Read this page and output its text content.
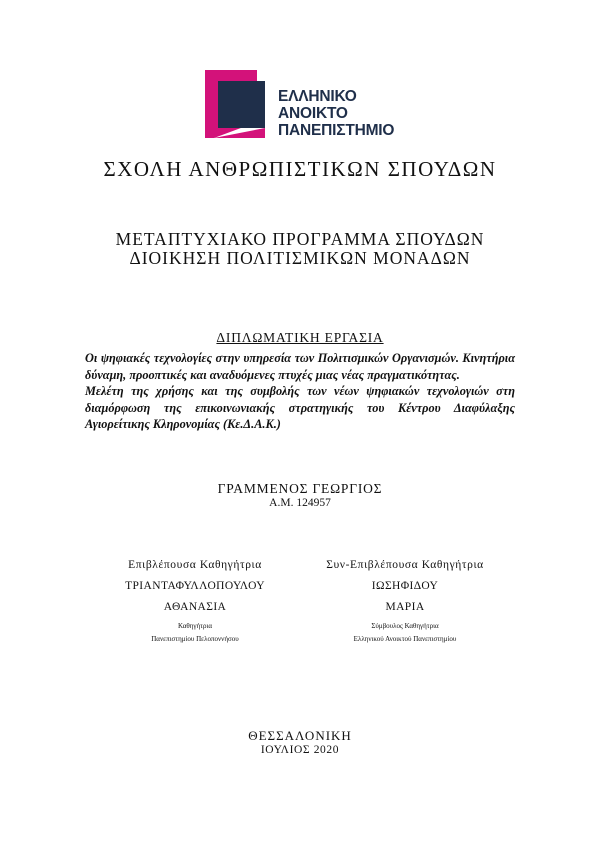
ΕΛΛΗΝΙΚΟ
ΑΝΟΙΚΤΟ
ΠΑΝΕΠΙΣΤΗΜΙΟ
ΣΧΟΛΗ ΑΝΘΡΩΠΙΣΤΙΚΩΝ ΣΠΟΥΔΩΝ
ΜΕΤΑΠΤΥΧΙΑΚΟ ΠΡΟΓΡΑΜΜΑ ΣΠΟΥΔΩΝ
ΔΙΟΙΚΗΣΗ ΠΟΛΙΤΙΣΜΙΚΩΝ ΜΟΝΑΔΩΝ
ΔΙΠΛΩΜΑΤΙΚΗ ΕΡΓΑΣΙΑ

Οι ψηφιακές τεχνολογίες στην υπηρεσία των Πολιτισμικών Οργανισμών. Κινητήρια δύναμη, προοπτικές και αναδυόμενες πτυχές μιας νέας πραγματικότητας.

Μελέτη της χρήσης και της συμβολής των νέων ψηφιακών τεχνολογιών στη διαμόρφωση της επικοινωνιακής στρατηγικής του Κέντρου Διαφύλαξης Αγιορείτικης Κληρονομίας (Κε.Δ.Α.Κ.)

ΓΡΑΜΜΕΝΟΣ ΓΕΩΡΓΙΟΣ
Α.Μ. 124957
Επιβλέπουσα Καθηγήτρια
ΤΡΙΑΝΤΑΦΥΛΛΟΠΟΥΛΟΥ
ΑΘΑΝΑΣΙΑ
Καθηγήτρια
Πανεπιστημίου Πελοποννήσου
Συν-Επιβλέπουσα Καθηγήτρια
ΙΩΣΗΦΙΔΟΥ
ΜΑΡΙΑ
Σύμβουλος Καθηγήτρια
Ελληνικού Ανοικτού Πανεπιστημίου
ΘΕΣΣΑΛΟΝΙΚΗ
ΙΟΥΛΙΟΣ 2020
